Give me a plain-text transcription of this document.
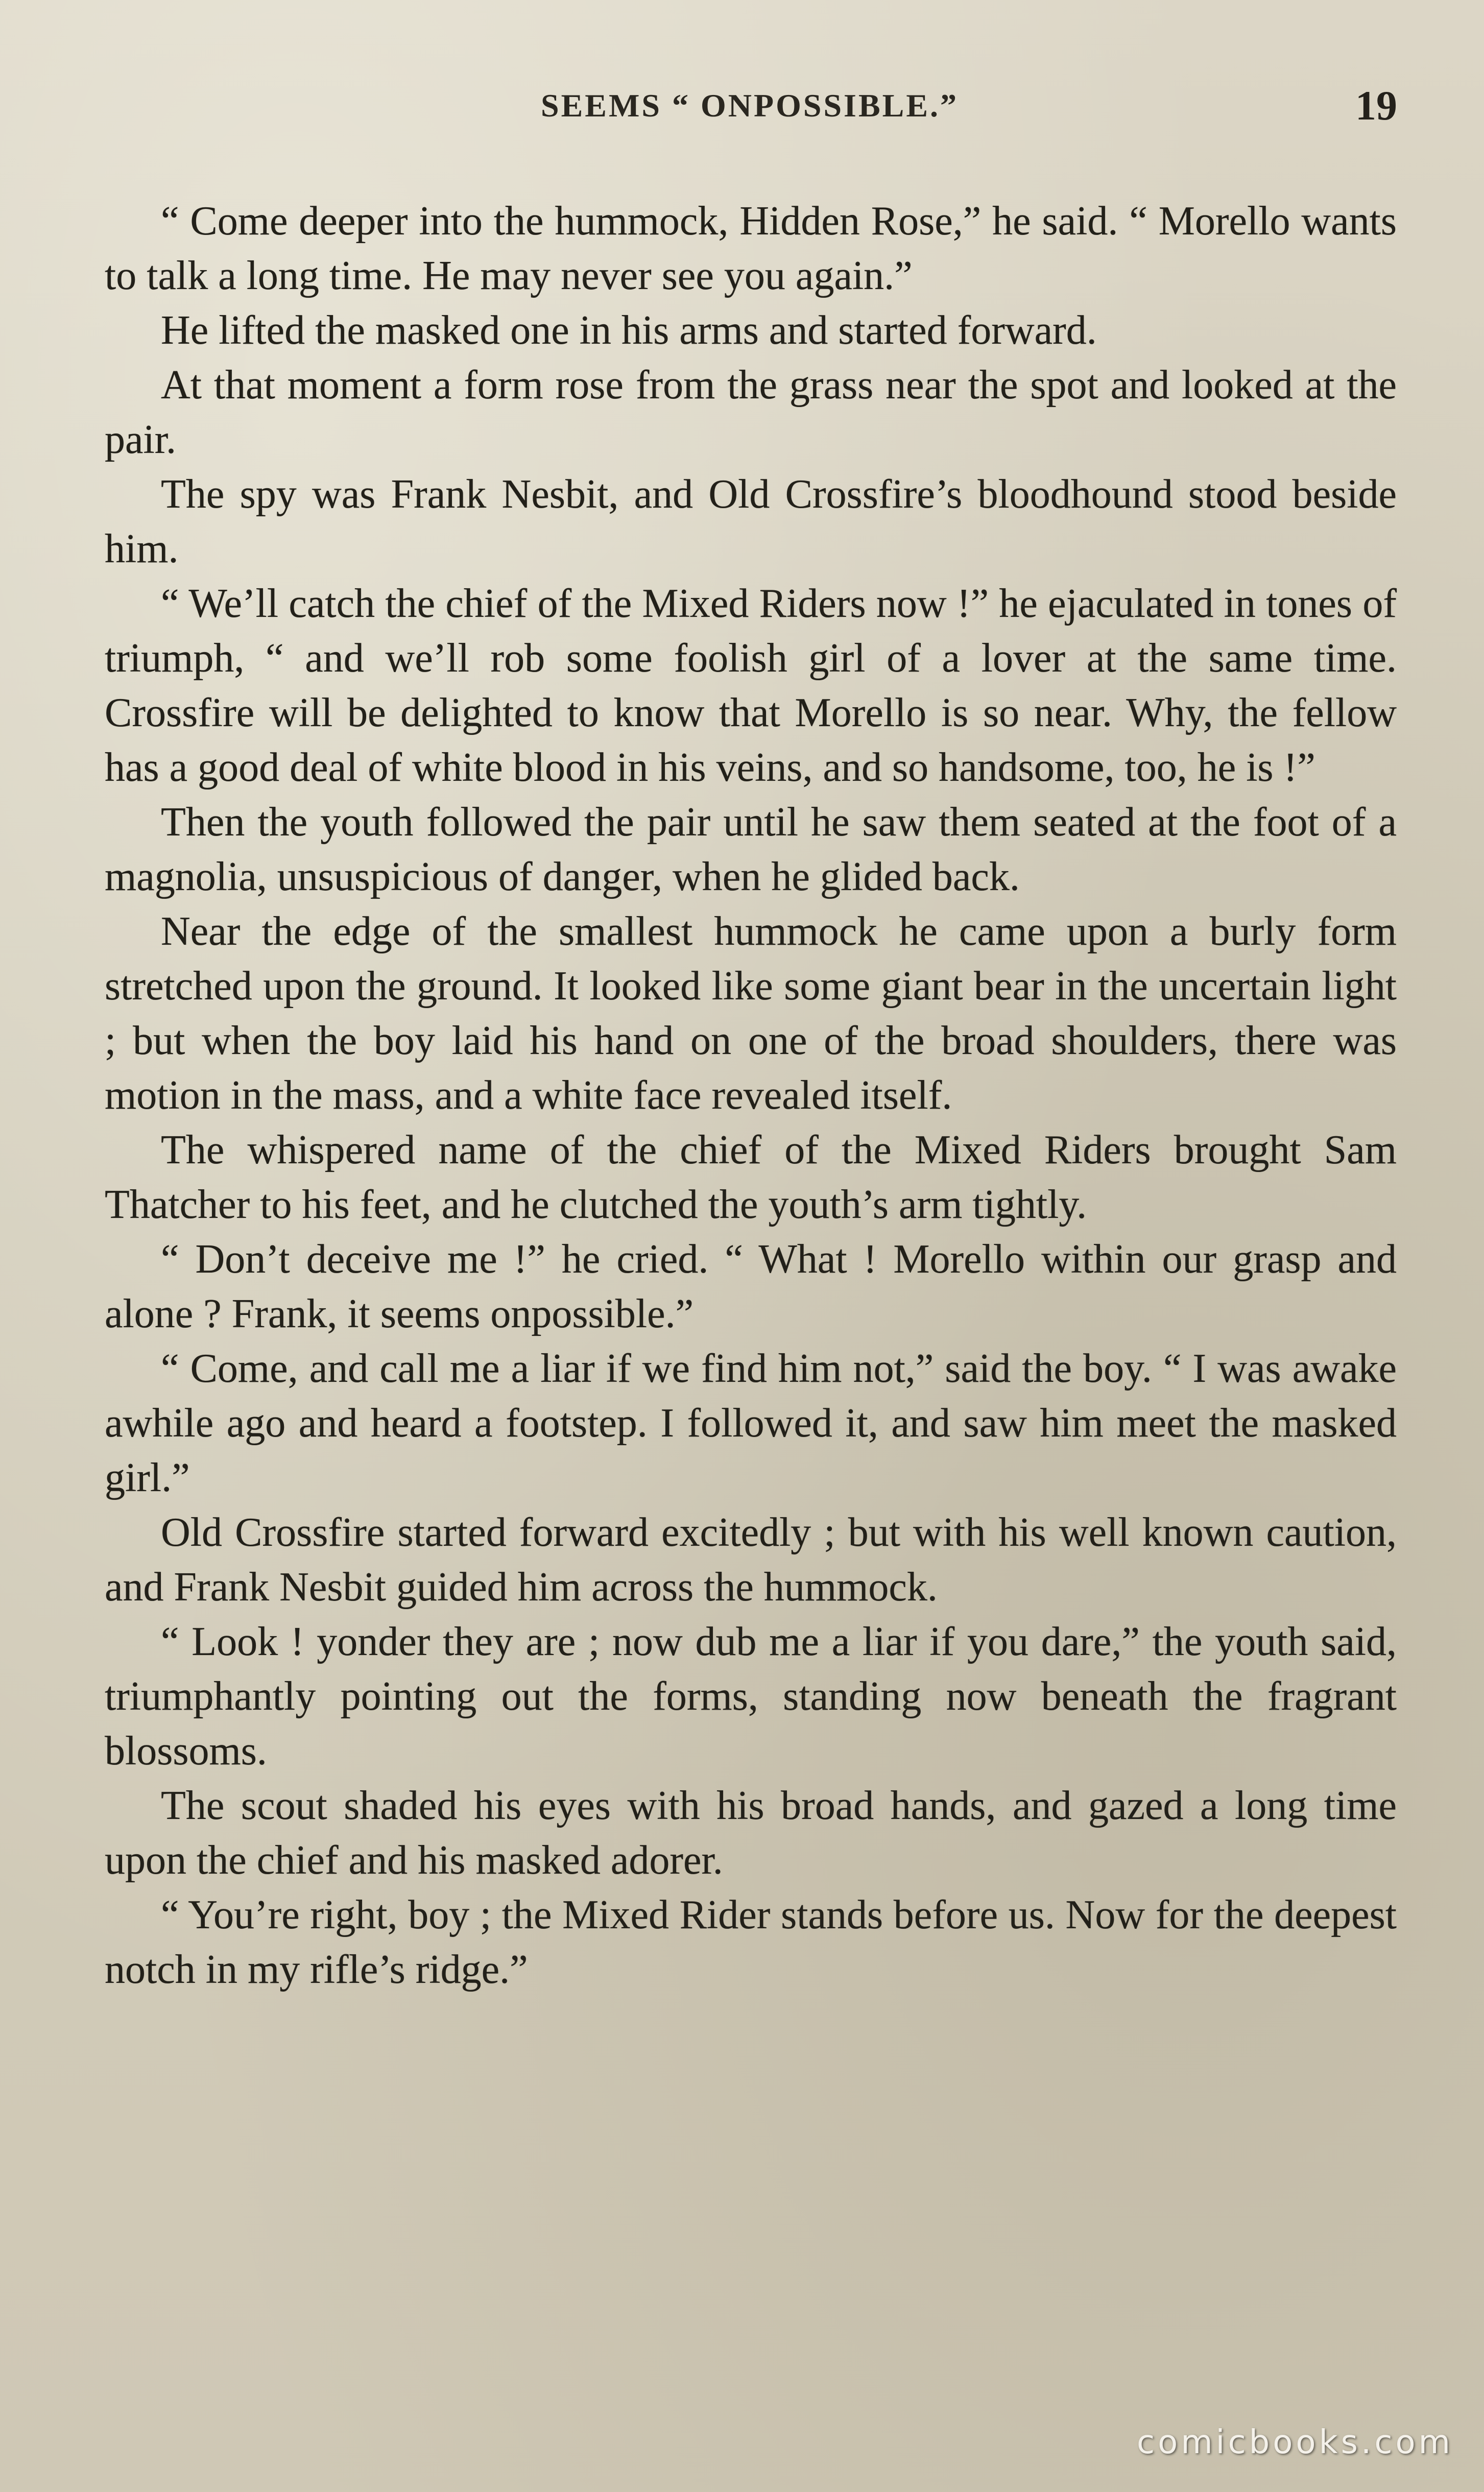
SEEMS “ ONPOSSIBLE.”	19

“ Come deeper into the hummock, Hidden Rose,” he said. “ Morello wants to talk a long time. He may never see you again.”

He lifted the masked one in his arms and started forward.

At that moment a form rose from the grass near the spot and looked at the pair.

The spy was Frank Nesbit, and Old Crossfire’s bloodhound stood beside him.

“ We’ll catch the chief of the Mixed Riders now !” he ejaculated in tones of triumph, “ and we’ll rob some foolish girl of a lover at the same time. Crossfire will be delighted to know that Morello is so near. Why, the fellow has a good deal of white blood in his veins, and so handsome, too, he is !”

Then the youth followed the pair until he saw them seated at the foot of a magnolia, unsuspicious of danger, when he glided back.

Near the edge of the smallest hummock he came upon a burly form stretched upon the ground. It looked like some giant bear in the uncertain light ; but when the boy laid his hand on one of the broad shoulders, there was motion in the mass, and a white face revealed itself.

The whispered name of the chief of the Mixed Riders brought Sam Thatcher to his feet, and he clutched the youth’s arm tightly.

“ Don’t deceive me !” he cried. “ What ! Morello within our grasp and alone ? Frank, it seems onpossible.”

“ Come, and call me a liar if we find him not,” said the boy. “ I was awake awhile ago and heard a footstep. I followed it, and saw him meet the masked girl.”

Old Crossfire started forward excitedly ; but with his well known caution, and Frank Nesbit guided him across the hummock.

“ Look ! yonder they are ; now dub me a liar if you dare,” the youth said, triumphantly pointing out the forms, standing now beneath the fragrant blossoms.

The scout shaded his eyes with his broad hands, and gazed a long time upon the chief and his masked adorer.

“ You’re right, boy ; the Mixed Rider stands before us. Now for the deepest notch in my rifle’s ridge.”

comicbooks.com
